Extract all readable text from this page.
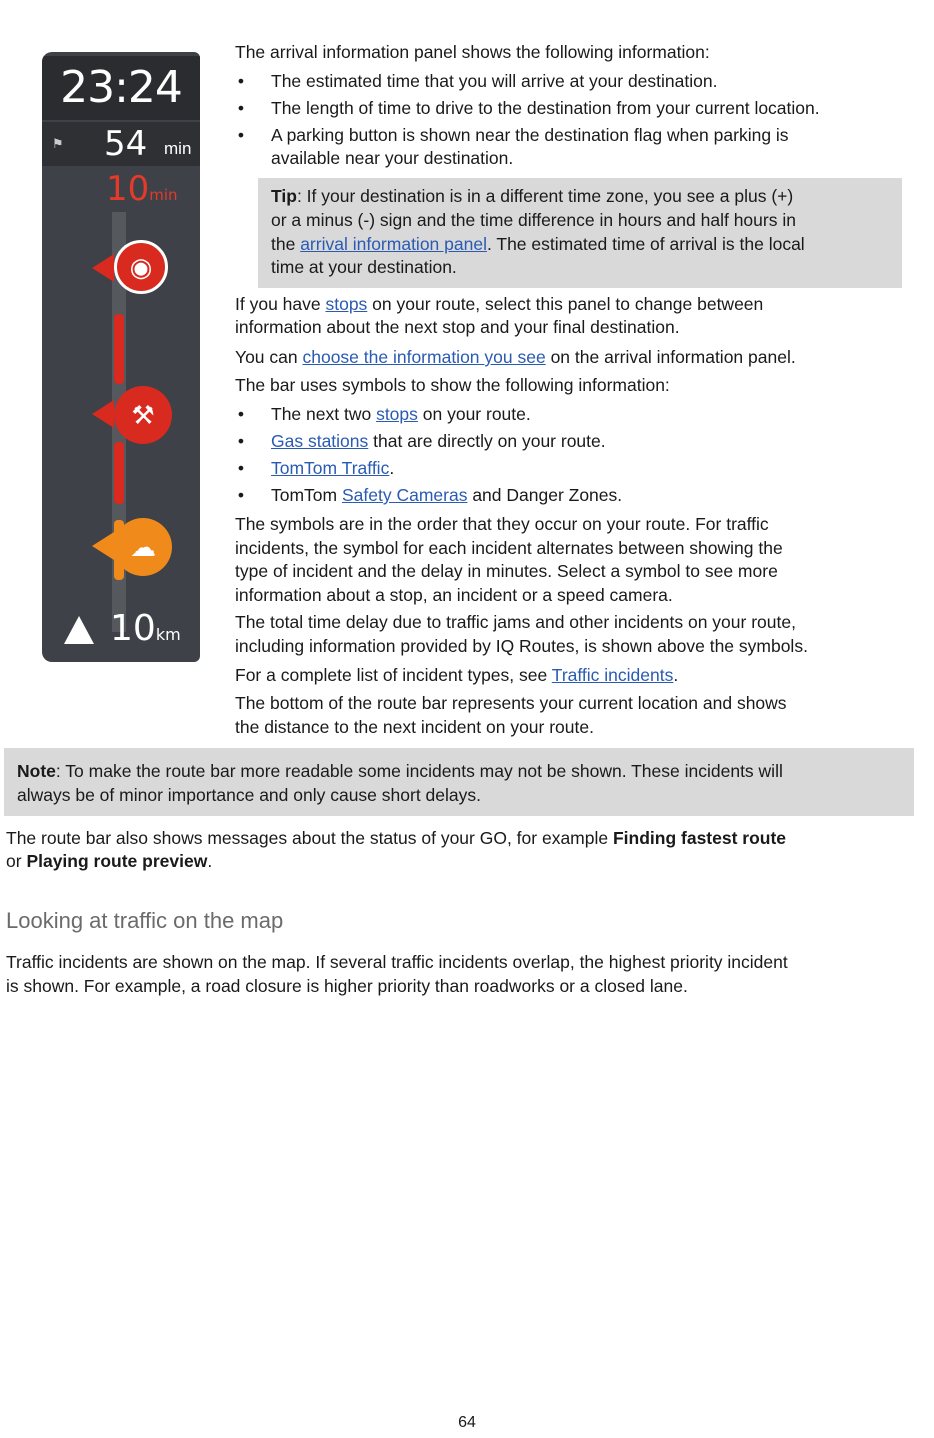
23:24
⚑ 54 min
10min
◉
⚒
☁
10km

The arrival information panel shows the following information:

• The estimated time that you will arrive at your destination.
• The length of time to drive to the destination from your current location.
• A parking button is shown near the destination flag when parking is
available near your destination.

Tip: If your destination is in a different time zone, you see a plus (+)

or a minus (-) sign and the time difference in hours and half hours in

the arrival information panel. The estimated time of arrival is the local

time at your destination.

If you have stops on your route, select this panel to change between

information about the next stop and your final destination.

You can choose the information you see on the arrival information panel.

The bar uses symbols to show the following information:

• The next two stops on your route.
• Gas stations that are directly on your route.
• TomTom Traffic.
• TomTom Safety Cameras and Danger Zones.

The symbols are in the order that they occur on your route. For traffic

incidents, the symbol for each incident alternates between showing the

type of incident and the delay in minutes. Select a symbol to see more

information about a stop, an incident or a speed camera.

The total time delay due to traffic jams and other incidents on your route,

including information provided by IQ Routes, is shown above the symbols.

For a complete list of incident types, see Traffic incidents.

The bottom of the route bar represents your current location and shows

the distance to the next incident on your route.

Note: To make the route bar more readable some incidents may not be shown. These incidents will

always be of minor importance and only cause short delays.

The route bar also shows messages about the status of your GO, for example Finding fastest route

or Playing route preview.

Looking at traffic on the map

Traffic incidents are shown on the map. If several traffic incidents overlap, the highest priority incident

is shown. For example, a road closure is higher priority than roadworks or a closed lane.

64
